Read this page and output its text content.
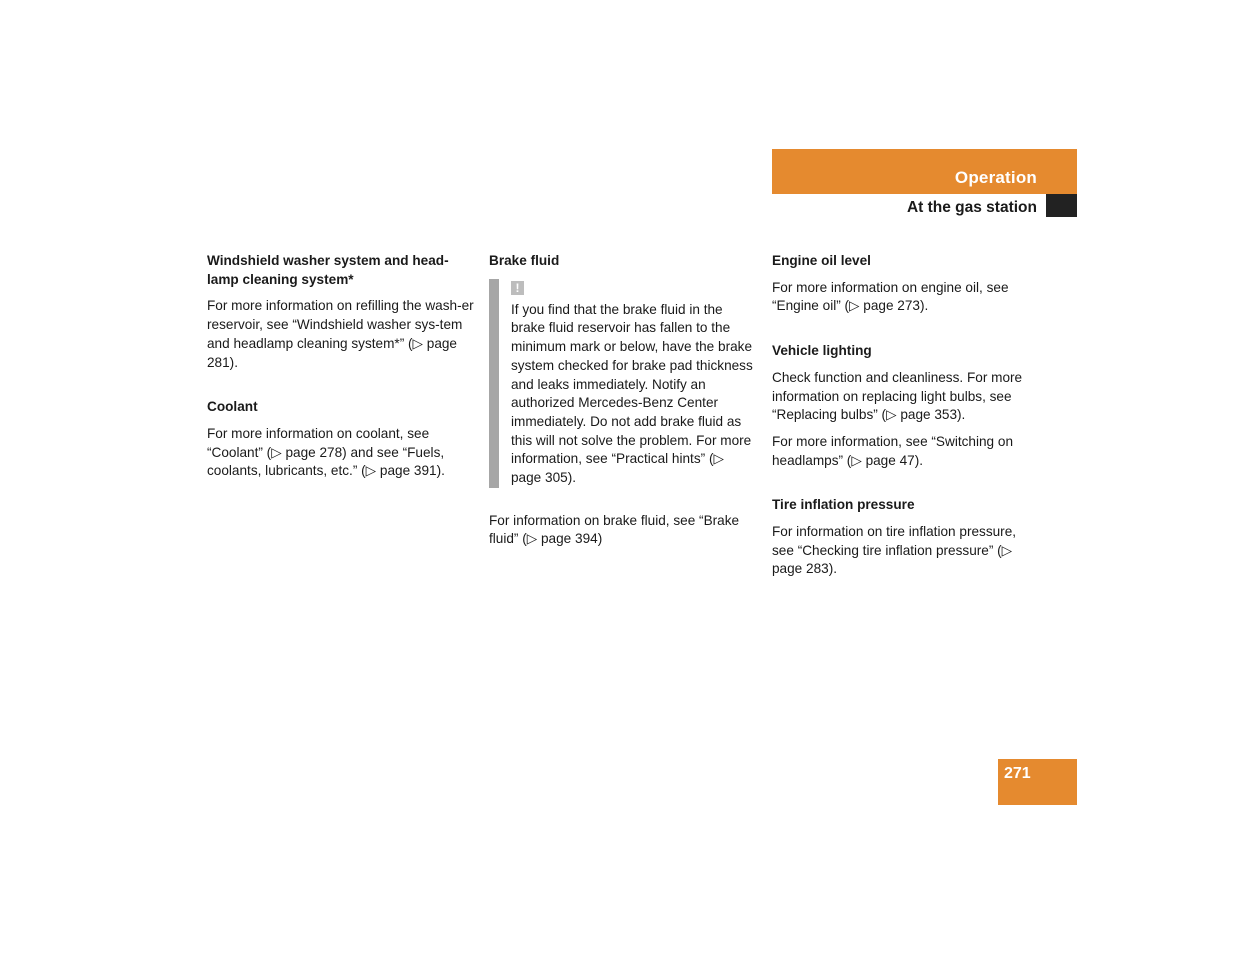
Operation
At the gas station
Windshield washer system and head-lamp cleaning system*
For more information on refilling the wash-er reservoir, see “Windshield washer sys-tem and headlamp cleaning system*” (▷ page 281).
Coolant
For more information on coolant, see “Coolant” (▷ page 278) and see “Fuels, coolants, lubricants, etc.” (▷ page 391).
Brake fluid
!
If you find that the brake fluid in the brake fluid reservoir has fallen to the minimum mark or below, have the brake system checked for brake pad thickness and leaks immediately. Notify an authorized Mercedes-Benz Center immediately. Do not add brake fluid as this will not solve the problem. For more information, see “Practical hints” (▷ page 305).
For information on brake fluid, see “Brake fluid” (▷ page 394)
Engine oil level
For more information on engine oil, see “Engine oil” (▷ page 273).
Vehicle lighting
Check function and cleanliness. For more information on replacing light bulbs, see “Replacing bulbs” (▷ page 353).
For more information, see “Switching on headlamps” (▷ page 47).
Tire inflation pressure
For information on tire inflation pressure, see “Checking tire inflation pressure” (▷ page 283).
271
